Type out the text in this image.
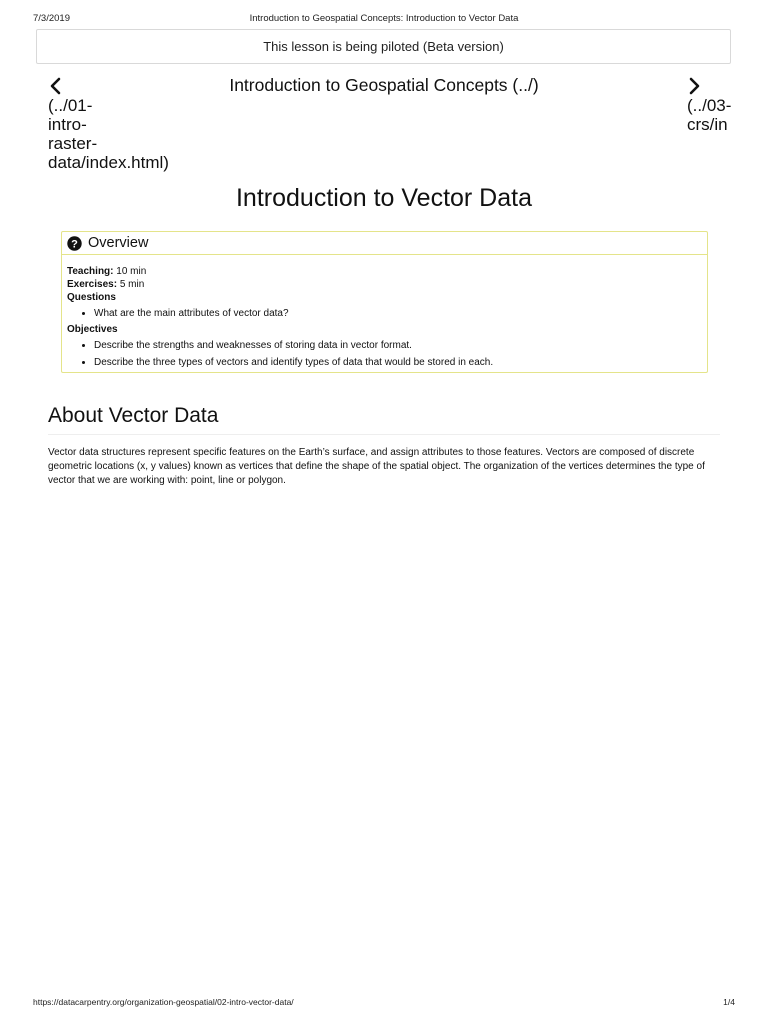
7/3/2019	Introduction to Geospatial Concepts: Introduction to Vector Data
This lesson is being piloted (Beta version)
(../01-
intro-
raster-
data/index.html)
Introduction to Geospatial Concepts (../)
(../03-
crs/in
Introduction to Vector Data
? Overview
Teaching: 10 min
Exercises: 5 min
Questions
• What are the main attributes of vector data?
Objectives
• Describe the strengths and weaknesses of storing data in vector format.
• Describe the three types of vectors and identify types of data that would be stored in each.
About Vector Data

Vector data structures represent specific features on the Earth’s surface, and assign attributes to those features. Vectors are composed of discrete geometric locations (x, y values) known as vertices that define the shape of the spatial object. The organization of the vertices determines the type of vector that we are working with: point, line or polygon.

https://datacarpentry.org/organization-geospatial/02-intro-vector-data/	1/4
